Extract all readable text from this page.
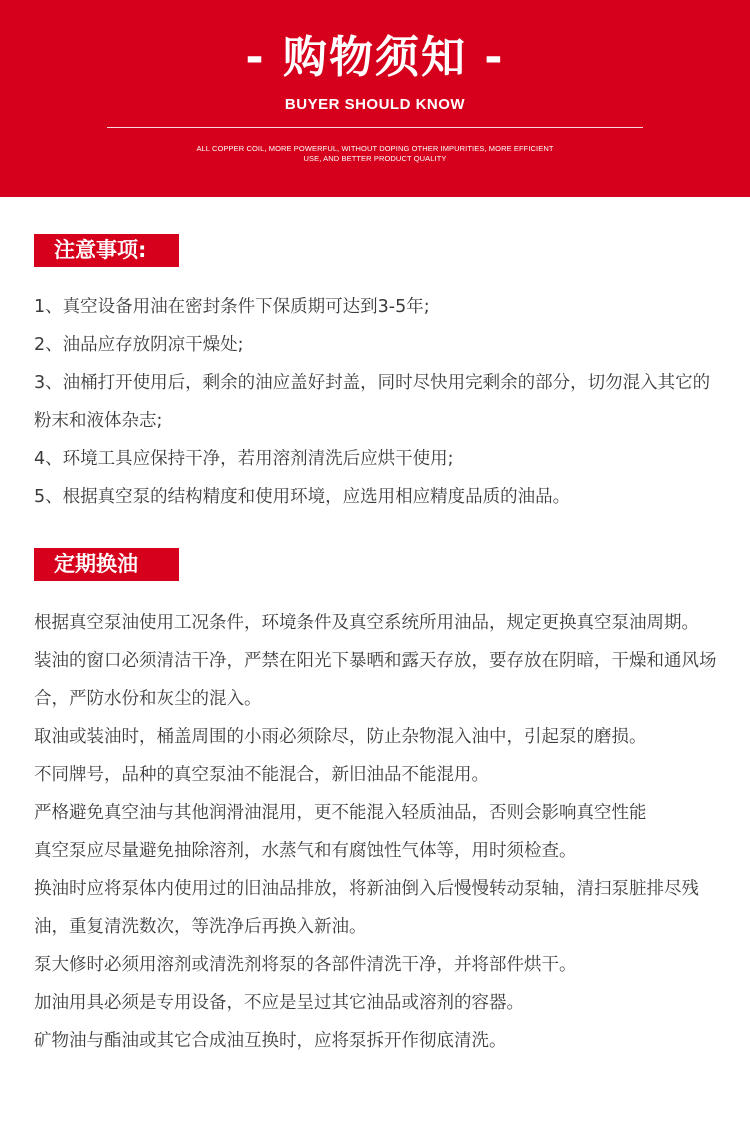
- 购物须知 -
BUYER SHOULD KNOW
ALL COPPER COIL, MORE POWERFUL, WITHOUT DOPING OTHER IMPURITIES, MORE EFFICIENT
USE, AND BETTER PRODUCT QUALITY
注意事项:

1、真空设备用油在密封条件下保质期可达到3-5年;

2、油品应存放阴凉干燥处;

3、油桶打开使用后，剩余的油应盖好封盖，同时尽快用完剩余的部分，切勿混入其它的粉末和液体杂志;

4、环境工具应保持干净，若用溶剂清洗后应烘干使用;

5、根据真空泵的结构精度和使用环境，应选用相应精度品质的油品。

定期换油法:

根据真空泵油使用工况条件，环境条件及真空系统所用油品，规定更换真空泵油周期。

装油的窗口必须清洁干净，严禁在阳光下暴晒和露天存放，要存放在阴暗，干燥和通风场合，严防水份和灰尘的混入。

取油或装油时，桶盖周围的小雨必须除尽，防止杂物混入油中，引起泵的磨损。

不同牌号，品种的真空泵油不能混合，新旧油品不能混用。

严格避免真空油与其他润滑油混用，更不能混入轻质油品，否则会影响真空性能

真空泵应尽量避免抽除溶剂，水蒸气和有腐蚀性气体等，用时须检查。

换油时应将泵体内使用过的旧油品排放，将新油倒入后慢慢转动泵轴，清扫泵脏排尽残油，重复清洗数次，等洗净后再换入新油。

泵大修时必须用溶剂或清洗剂将泵的各部件清洗干净，并将部件烘干。

加油用具必须是专用设备，不应是呈过其它油品或溶剂的容器。

矿物油与酯油或其它合成油互换时，应将泵拆开作彻底清洗。
